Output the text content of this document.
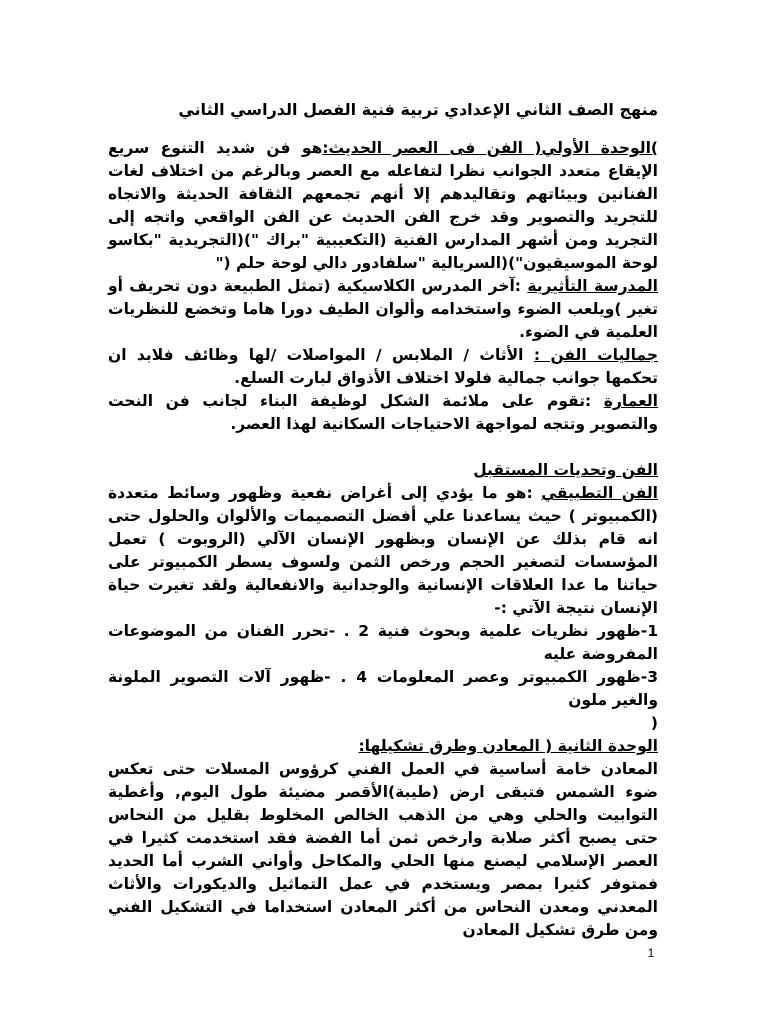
منهج الصف الثاني الإعدادي تربية فنية الفصل الدراسي الثاني

)الوحدة الأولي( الفن فى العصر الحديث:هو فن شديد التنوع سريع الإيقاع متعدد الجوانب نظرا لتفاعله مع العصر وبالرغم من اختلاف لغات الفنانين وبيئاتهم وتقاليدهم إلا أنهم تجمعهم الثقافة الحديثة والاتجاه للتجريد والتصوير وقد خرج الفن الحديث عن الفن الواقعي واتجه إلى التجريد ومن أشهر المدارس الفنية (التكعيبية "براك ")(التجريدية "بكاسو لوحة الموسيقيون")(السريالية "سلفادور دالي لوحة حلم ("

المدرسة التأثيرية :آخر المدرس الكلاسيكية (تمثل الطبيعة دون تحريف أو تغير )ويلعب الضوء واستخدامه وألوان الطيف دورا هاما وتخضع للنظريات العلمية في الضوء.

جماليات الفن : الأثاث / الملابس / المواصلات /لها وظائف فلابد ان تحكمها جوانب جمالية فلولا اختلاف الأذواق لبارت السلع.

العمارة :تقوم على ملائمة الشكل لوظيفة البناء لجانب فن النحت والتصوير وتتجه لمواجهة الاحتياجات السكانية لهذا العصر.

الفن وتحديات المستقبل

الفن التطبيقي :هو ما يؤدي إلى أغراض نفعية وظهور وسائط متعددة (الكمبيوتر ) حيث يساعدنا علي أفضل التصميمات والألوان والحلول حتى انه قام بذلك عن الإنسان وبظهور الإنسان الآلي (الروبوت ) تعمل المؤسسات لتصغير الحجم ورخص الثمن ولسوف يسطر الكمبيوتر على حياتنا ما عدا العلاقات الإنسانية والوجدانية والانفعالية ولقد تغيرت حياة الإنسان نتيجة الآتي :-

1-ظهور نظريات علمية وبحوث فنية 2 . -تحرر الفنان من الموضوعات المفروضة عليه

3-ظهور الكمبيوتر وعصر المعلومات 4 . -ظهور آلات التصوير الملونة والغير ملون

(

الوحدة الثانية ( المعادن وطرق تشكيلها:
المعادن خامة أساسية في العمل الفني كرؤوس المسلات حتى تعكس ضوء الشمس فتبقى ارض (طيبة)الأقصر مضيئة طول اليوم, وأغطية التوابيت والحلي وهي من الذهب الخالص المخلوط بقليل من النحاس حتى يصبح أكثر صلابة وارخص ثمن أما الفضة فقد استخدمت كثيرا في العصر الإسلامي ليصنع منها الحلي والمكاحل وأواني الشرب أما الحديد فمتوفر كثيرا بمصر ويستخدم في عمل التماثيل والديكورات والأثاث المعدني ومعدن النحاس من أكثر المعادن استخداما في التشكيل الفني ومن طرق تشكيل المعادن

1
